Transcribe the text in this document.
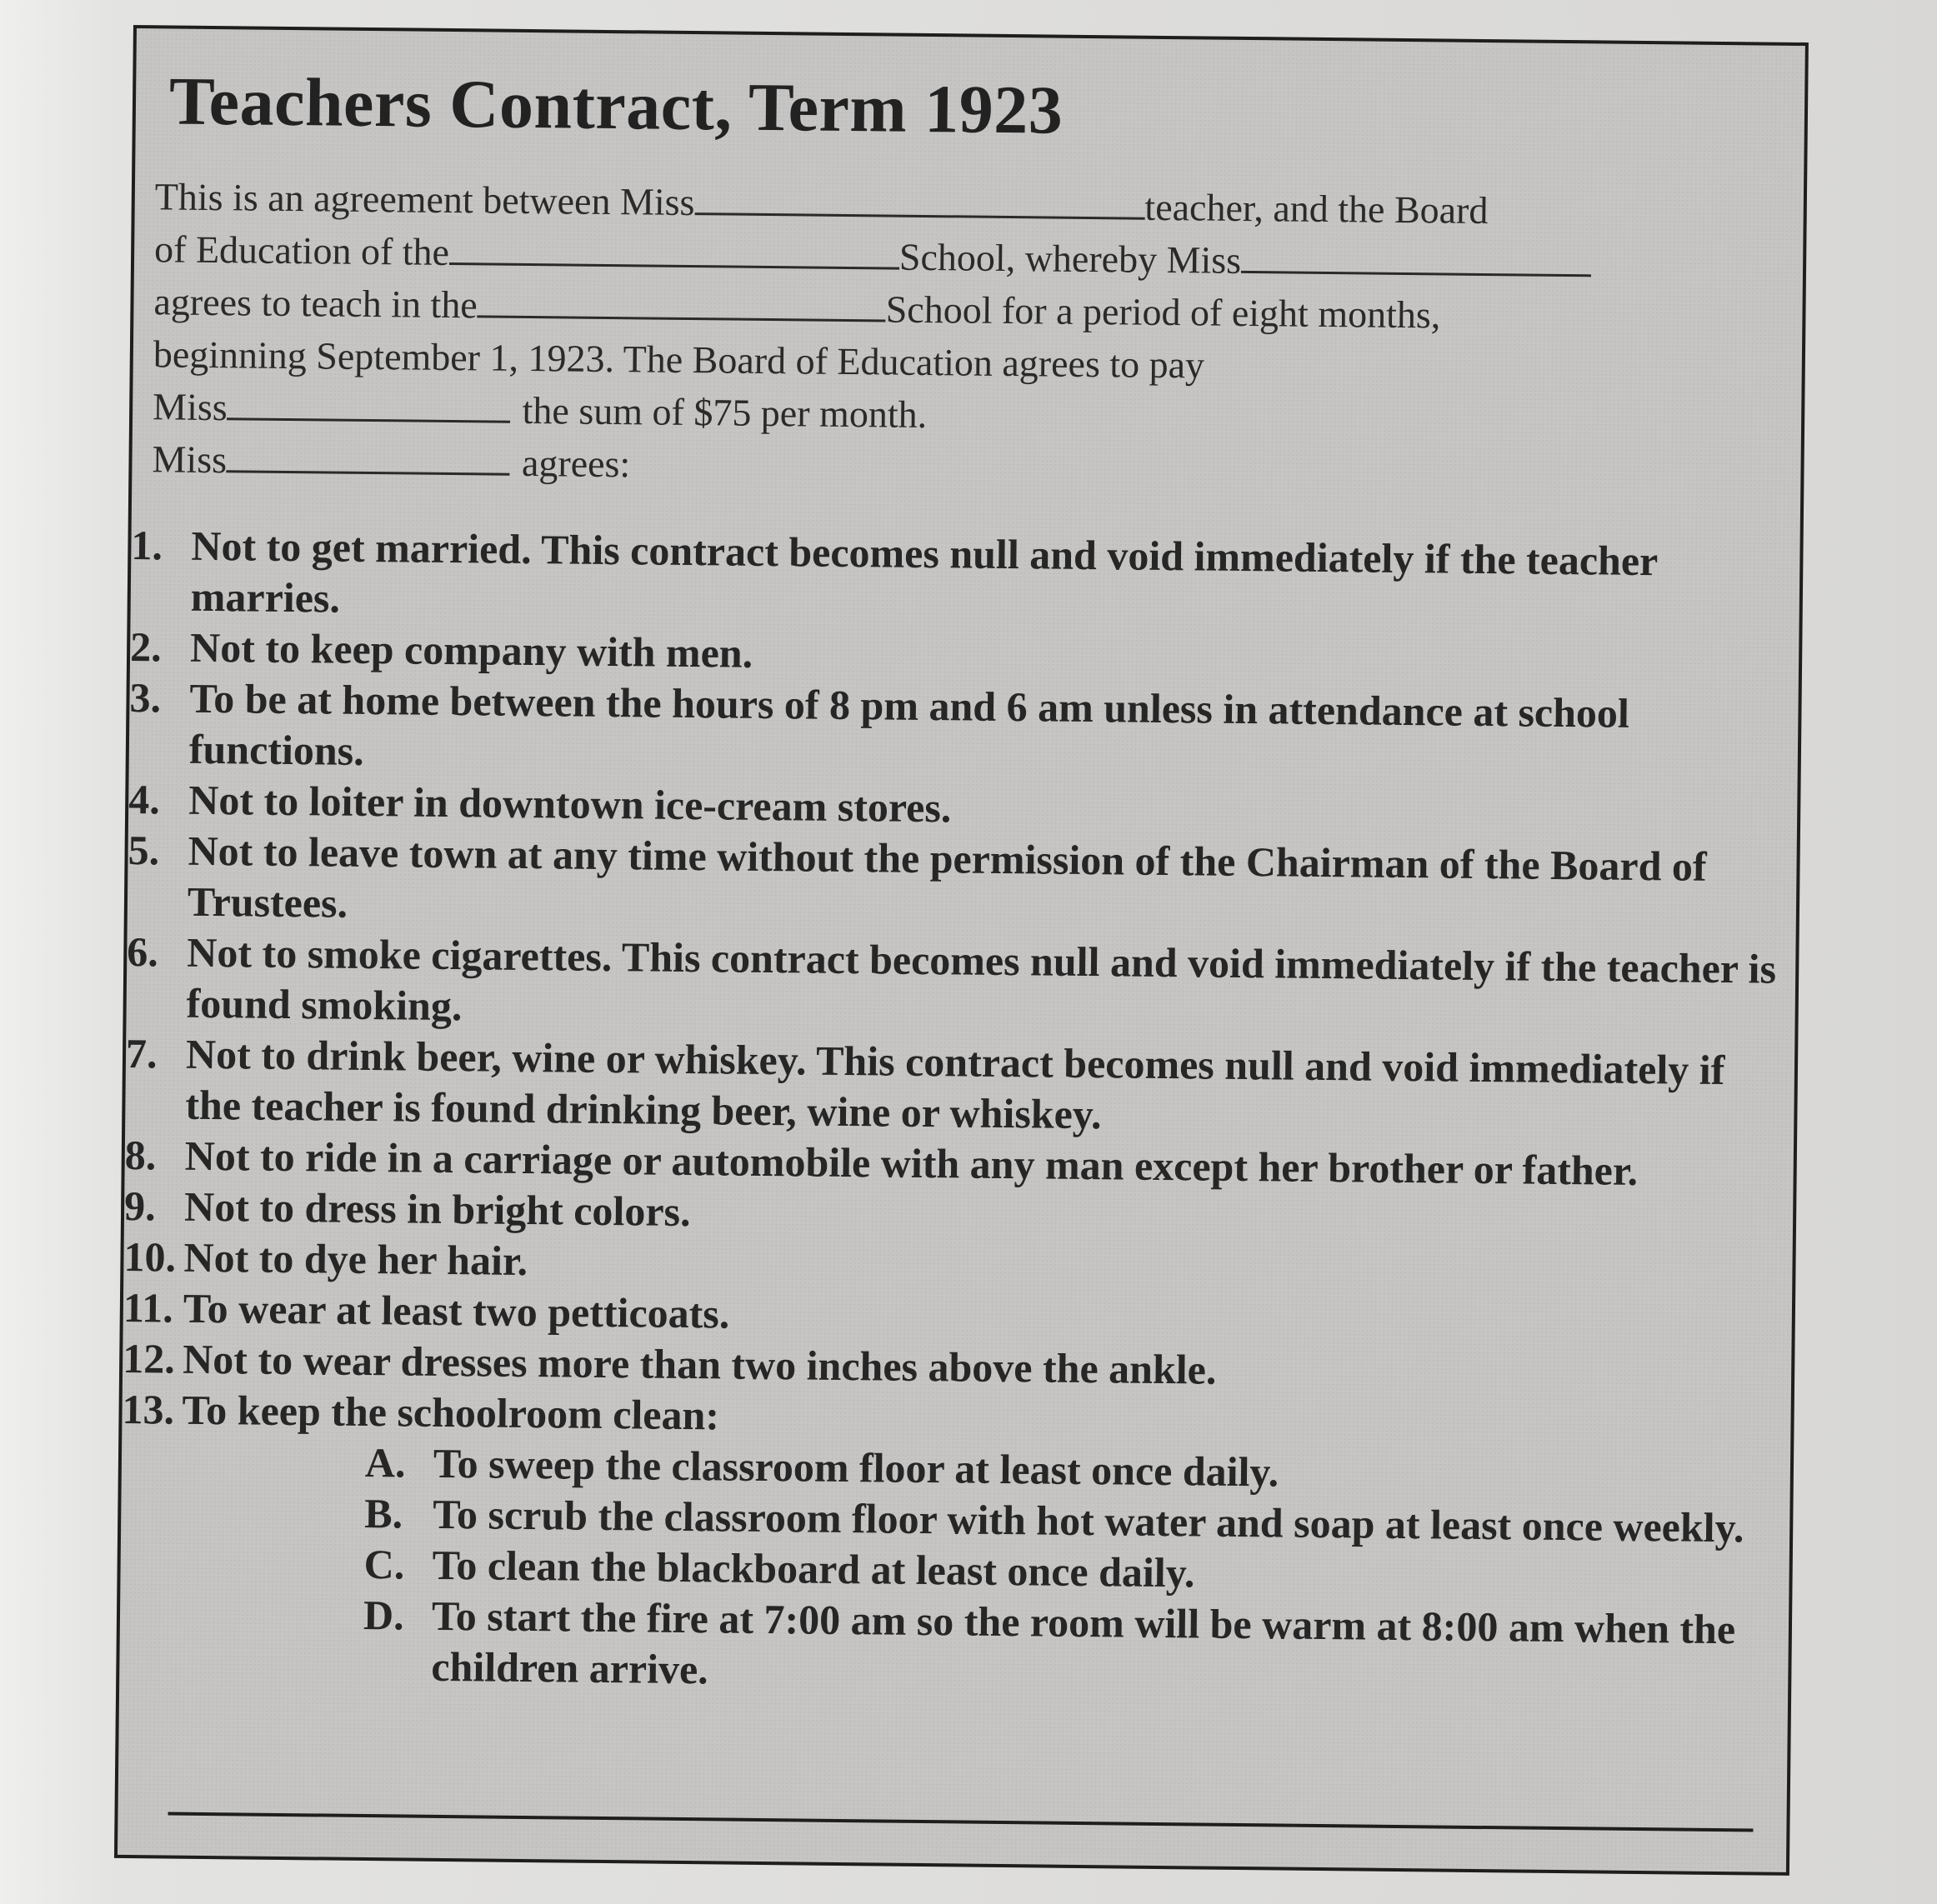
Teachers Contract, Term 1923
This is an agreement between Miss	teacher, and the Board
of Education of the	School, whereby Miss
agrees to teach in the	School for a period of eight months,
beginning September 1, 1923. The Board of Education agrees to pay
Miss	the sum of $75 per month.
Miss	agrees:
1. Not to get married. This contract becomes null and void immediately if the teacher marries.
2. Not to keep company with men.
3. To be at home between the hours of 8 pm and 6 am unless in attendance at school functions.
4. Not to loiter in downtown ice-cream stores.
5. Not to leave town at any time without the permission of the Chairman of the Board of Trustees.
6. Not to smoke cigarettes. This contract becomes null and void immediately if the teacher is found smoking.
7. Not to drink beer, wine or whiskey. This contract becomes null and void immediately if the teacher is found drinking beer, wine or whiskey.
8. Not to ride in a carriage or automobile with any man except her brother or father.
9. Not to dress in bright colors.
10. Not to dye her hair.
11. To wear at least two petticoats.
12. Not to wear dresses more than two inches above the ankle.
13. To keep the schoolroom clean:
A. To sweep the classroom floor at least once daily.
B. To scrub the classroom floor with hot water and soap at least once weekly.
C. To clean the blackboard at least once daily.
D. To start the fire at 7:00 am so the room will be warm at 8:00 am when the children arrive.
